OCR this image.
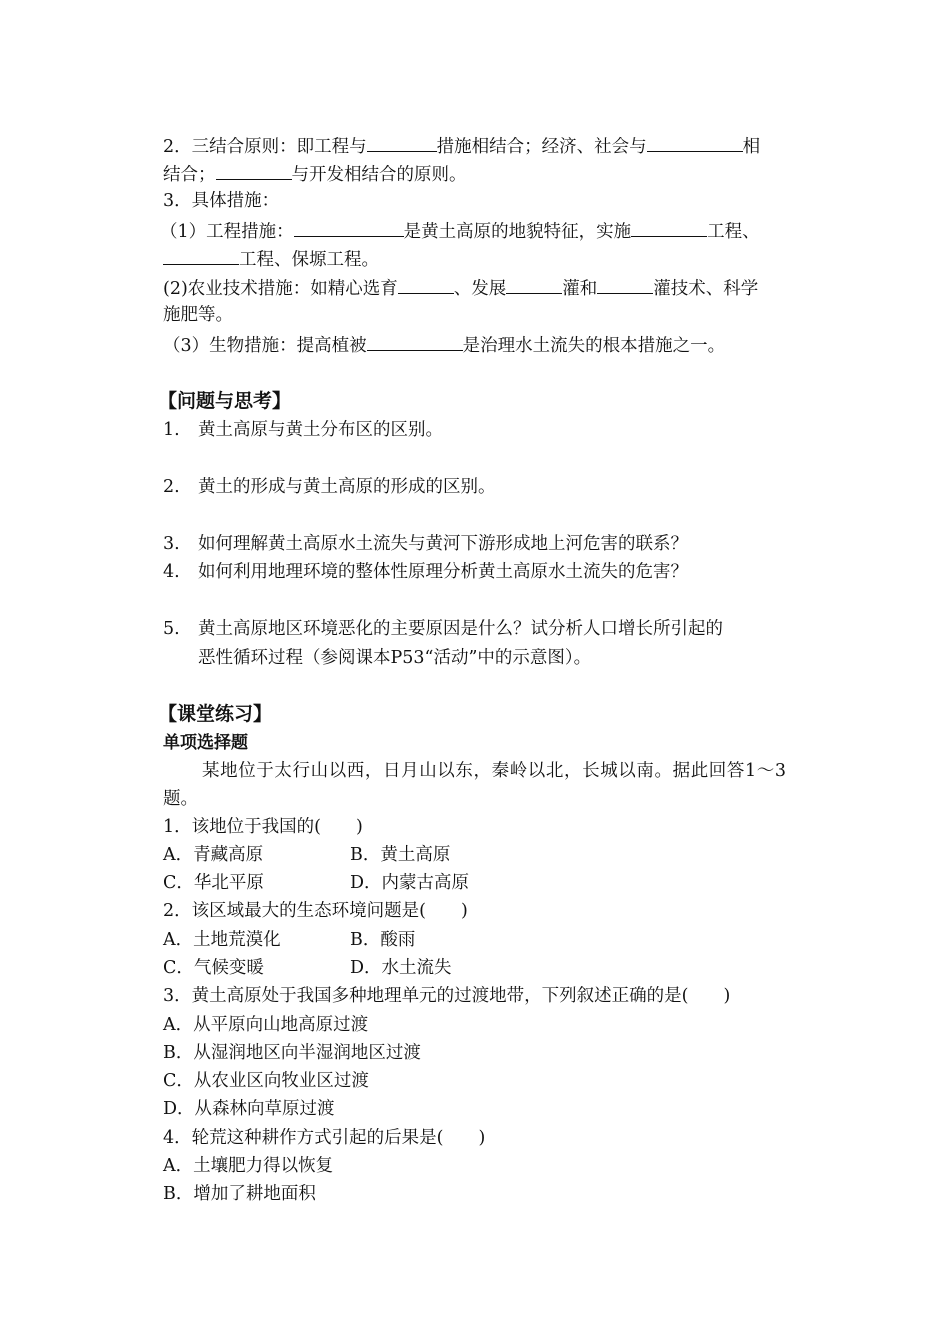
2．三结合原则：即工程与	措施相结合；经济、社会与	相
结合；	与开发相结合的原则。
3．具体措施：
（1）工程措施：	是黄土高原的地貌特征，实施	工程、
工程、保塬工程。
(2)农业技术措施：如精心选育	、发展	灌和	灌技术、科学
施肥等。
（3）生物措施：提高植被	是治理水土流失的根本措施之一。
【问题与思考】
1. 黄土高原与黄土分布区的区别。
2. 黄土的形成与黄土高原的形成的区别。
3. 如何理解黄土高原水土流失与黄河下游形成地上河危害的联系？
4. 如何利用地理环境的整体性原理分析黄土高原水土流失的危害？
5. 黄土高原地区环境恶化的主要原因是什么？试分析人口增长所引起的
恶性循环过程（参阅课本P53“活动”中的示意图）。
【课堂练习】
单项选择题
某地位于太行山以西，日月山以东，秦岭以北，长城以南。据此回答1～3
题。
1．该地位于我国的(　　)
A．青藏高原	B．黄土高原
C．华北平原	D．内蒙古高原
2．该区域最大的生态环境问题是(　　)
A．土地荒漠化	B．酸雨
C．气候变暖	D．水土流失
3．黄土高原处于我国多种地理单元的过渡地带，下列叙述正确的是(　　)
A．从平原向山地高原过渡
B．从湿润地区向半湿润地区过渡
C．从农业区向牧业区过渡
D．从森林向草原过渡
4．轮荒这种耕作方式引起的后果是(　　)
A．土壤肥力得以恢复
B．增加了耕地面积
